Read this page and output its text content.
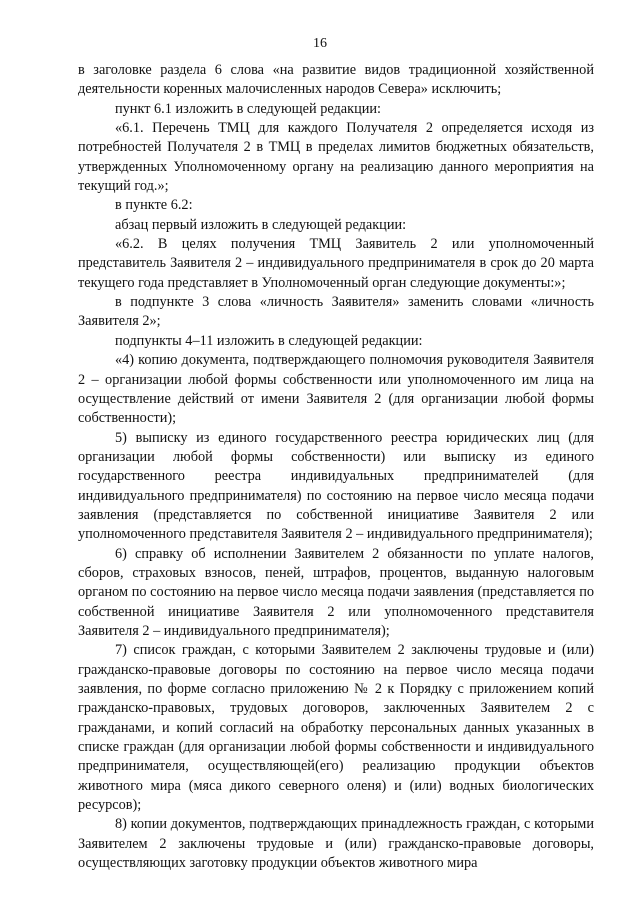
16

в заголовке раздела 6 слова «на развитие видов традиционной хозяйственной деятельности коренных малочисленных народов Севера» исключить;

пункт 6.1 изложить в следующей редакции:

«6.1. Перечень ТМЦ для каждого Получателя 2 определяется исходя из потребностей Получателя 2 в ТМЦ в пределах лимитов бюджетных обязательств, утвержденных Уполномоченному органу на реализацию данного мероприятия на текущий год.»;

в пункте 6.2:

абзац первый изложить в следующей редакции:

«6.2. В целях получения ТМЦ Заявитель 2 или уполномоченный представитель Заявителя 2 – индивидуального предпринимателя в срок до 20 марта текущего года представляет в Уполномоченный орган следующие документы:»;

в подпункте 3 слова «личность Заявителя» заменить словами «личность Заявителя 2»;

подпункты 4–11 изложить в следующей редакции:

«4) копию документа, подтверждающего полномочия руководителя Заявителя 2 – организации любой формы собственности или уполномоченного им лица на осуществление действий от имени Заявителя 2 (для организации любой формы собственности);

5) выписку из единого государственного реестра юридических лиц (для организации любой формы собственности) или выписку из единого государственного реестра индивидуальных предпринимателей (для индивидуального предпринимателя) по состоянию на первое число месяца подачи заявления (представляется по собственной инициативе Заявителя 2 или уполномоченного представителя Заявителя 2 – индивидуального предпринимателя);

6) справку об исполнении Заявителем 2 обязанности по уплате налогов, сборов, страховых взносов, пеней, штрафов, процентов, выданную налоговым органом по состоянию на первое число месяца подачи заявления (представляется по собственной инициативе Заявителя 2 или уполномоченного представителя Заявителя 2 – индивидуального предпринимателя);

7) список граждан, с которыми Заявителем 2 заключены трудовые и (или) гражданско-правовые договоры по состоянию на первое число месяца подачи заявления, по форме согласно приложению № 2 к Порядку с приложением копий гражданско-правовых, трудовых договоров, заключенных Заявителем 2 с гражданами, и копий согласий на обработку персональных данных указанных в списке граждан (для организации любой формы собственности и индивидуального предпринимателя, осуществляющей(его) реализацию продукции объектов животного мира (мяса дикого северного оленя) и (или) водных биологических ресурсов);

8) копии документов, подтверждающих принадлежность граждан, с которыми Заявителем 2 заключены трудовые и (или) гражданско-правовые договоры, осуществляющих заготовку продукции объектов животного мира
